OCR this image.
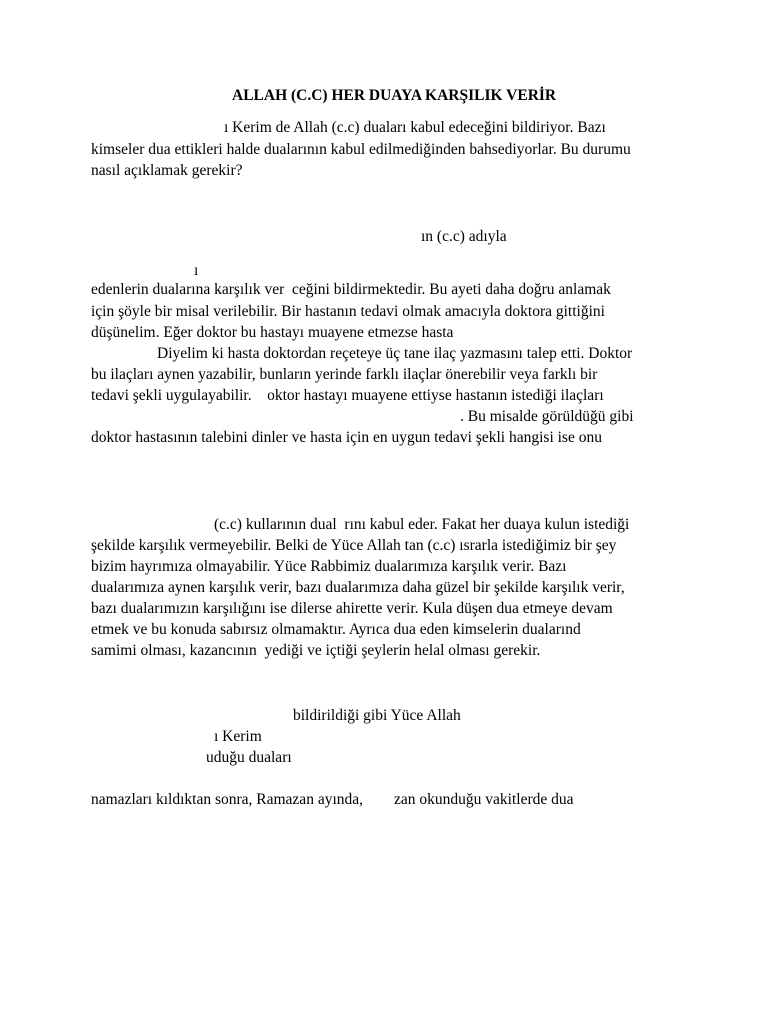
ALLAH (C.C) HER DUAYA KARŞILIK VERİR
ı Kerim de Allah (c.c) duaları kabul edeceğini bildiriyor. Bazı
kimseler dua ettikleri halde dualarının kabul edilmediğinden bahsediyorlar. Bu durumu
nasıl açıklamak gerekir?
ın (c.c) adıyla
ı
edenlerin dualarına karşılık ver  ceğini bildirmektedir. Bu ayeti daha doğru anlamak
için şöyle bir misal verilebilir. Bir hastanın tedavi olmak amacıyla doktora gittiğini
düşünelim. Eğer doktor bu hastayı muayene etmezse hasta
Diyelim ki hasta doktordan reçeteye üç tane ilaç yazmasını talep etti. Doktor
bu ilaçları aynen yazabilir, bunların yerinde farklı ilaçlar önerebilir veya farklı bir
tedavi şekli uygulayabilir.    oktor hastayı muayene ettiyse hastanın istediği ilaçları
. Bu misalde görüldüğü gibi
doktor hastasının talebini dinler ve hasta için en uygun tedavi şekli hangisi ise onu
(c.c) kullarının dual  rını kabul eder. Fakat her duaya kulun istediği
şekilde karşılık vermeyebilir. Belki de Yüce Allah tan (c.c) ısrarla istediğimiz bir şey
bizim hayrımıza olmayabilir. Yüce Rabbimiz dualarımıza karşılık verir. Bazı
dualarımıza aynen karşılık verir, bazı dualarımıza daha güzel bir şekilde karşılık verir,
bazı dualarımızın karşılığını ise dilerse ahirette verir. Kula düşen dua etmeye devam
etmek ve bu konuda sabırsız olmamaktır. Ayrıca dua eden kimselerin dualarınd
samimi olması, kazancının  yediği ve içtiği şeylerin helal olması gerekir.
bildirildiği gibi Yüce Allah
ı Kerim
uduğu duaları
namazları kıldıktan sonra, Ramazan ayında,        zan okunduğu vakitlerde dua
